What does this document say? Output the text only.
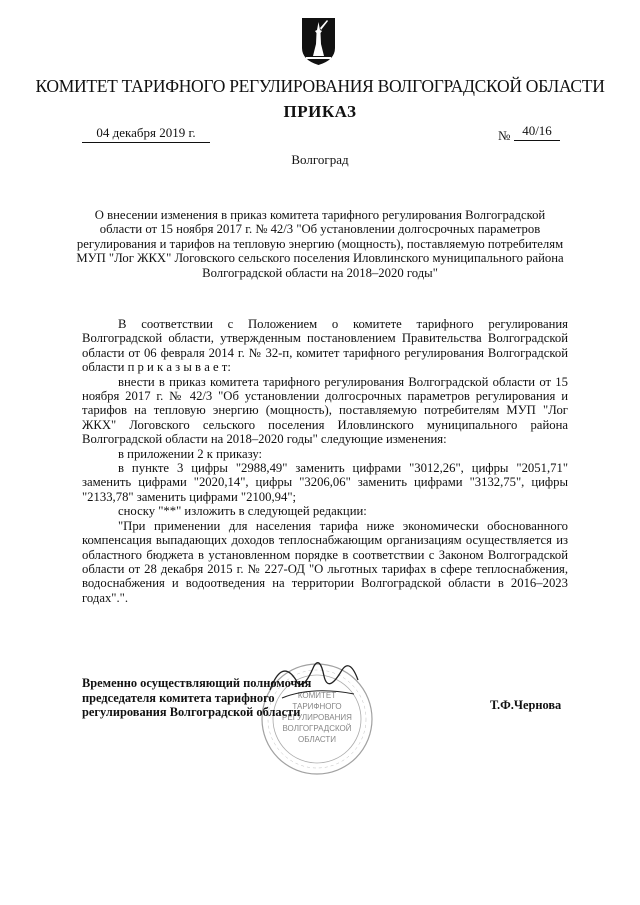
КОМИТЕТ ТАРИФНОГО РЕГУЛИРОВАНИЯ ВОЛГОГРАДСКОЙ ОБЛАСТИ
ПРИКАЗ
04 декабря 2019 г.	№ 40/16
Волгоград
О внесении изменения в приказ комитета тарифного регулирования Волгоградской области от 15 ноября 2017 г. № 42/3 "Об установлении долгосрочных параметров регулирования и тарифов на тепловую энергию (мощность), поставляемую потребителям МУП "Лог ЖКХ" Логовского сельского поселения Иловлинского муниципального района Волгоградской области на 2018–2020 годы"

В соответствии с Положением о комитете тарифного регулирования Волгоградской области, утвержденным постановлением Правительства Волгоградской области от 06 февраля 2014 г. № 32-п, комитет тарифного регулирования Волгоградской области п р и к а з ы в а е т:

внести в приказ комитета тарифного регулирования Волгоградской области от 15 ноября 2017 г. № 42/3 "Об установлении долгосрочных параметров регулирования и тарифов на тепловую энергию (мощность), поставляемую потребителям МУП "Лог ЖКХ" Логовского сельского поселения Иловлинского муниципального района Волгоградской области на 2018–2020 годы" следующие изменения:

в приложении 2 к приказу:

в пункте 3 цифры "2988,49" заменить цифрами "3012,26", цифры "2051,71" заменить цифрами "2020,14", цифры "3206,06" заменить цифрами "3132,75", цифры "2133,78" заменить цифрами "2100,94";

сноску "**" изложить в следующей редакции:

"При применении для населения тарифа ниже экономически обоснованного компенсация выпадающих доходов теплоснабжающим организациям осуществляется из областного бюджета в установленном порядке в соответствии с Законом Волгоградской области от 28 декабря 2015 г. № 227-ОД "О льготных тарифах в сфере теплоснабжения, водоснабжения и водоотведения на территории Волгоградской области в 2016–2023 годах".".

КОМИТЕТ
ТАРИФНОГО
РЕГУЛИРОВАНИЯ
ВОЛГОГРАДСКОЙ
ОБЛАСТИ
Временно осуществляющий полномочия
председателя комитета тарифного
регулирования Волгоградской области
Т.Ф.Чернова
